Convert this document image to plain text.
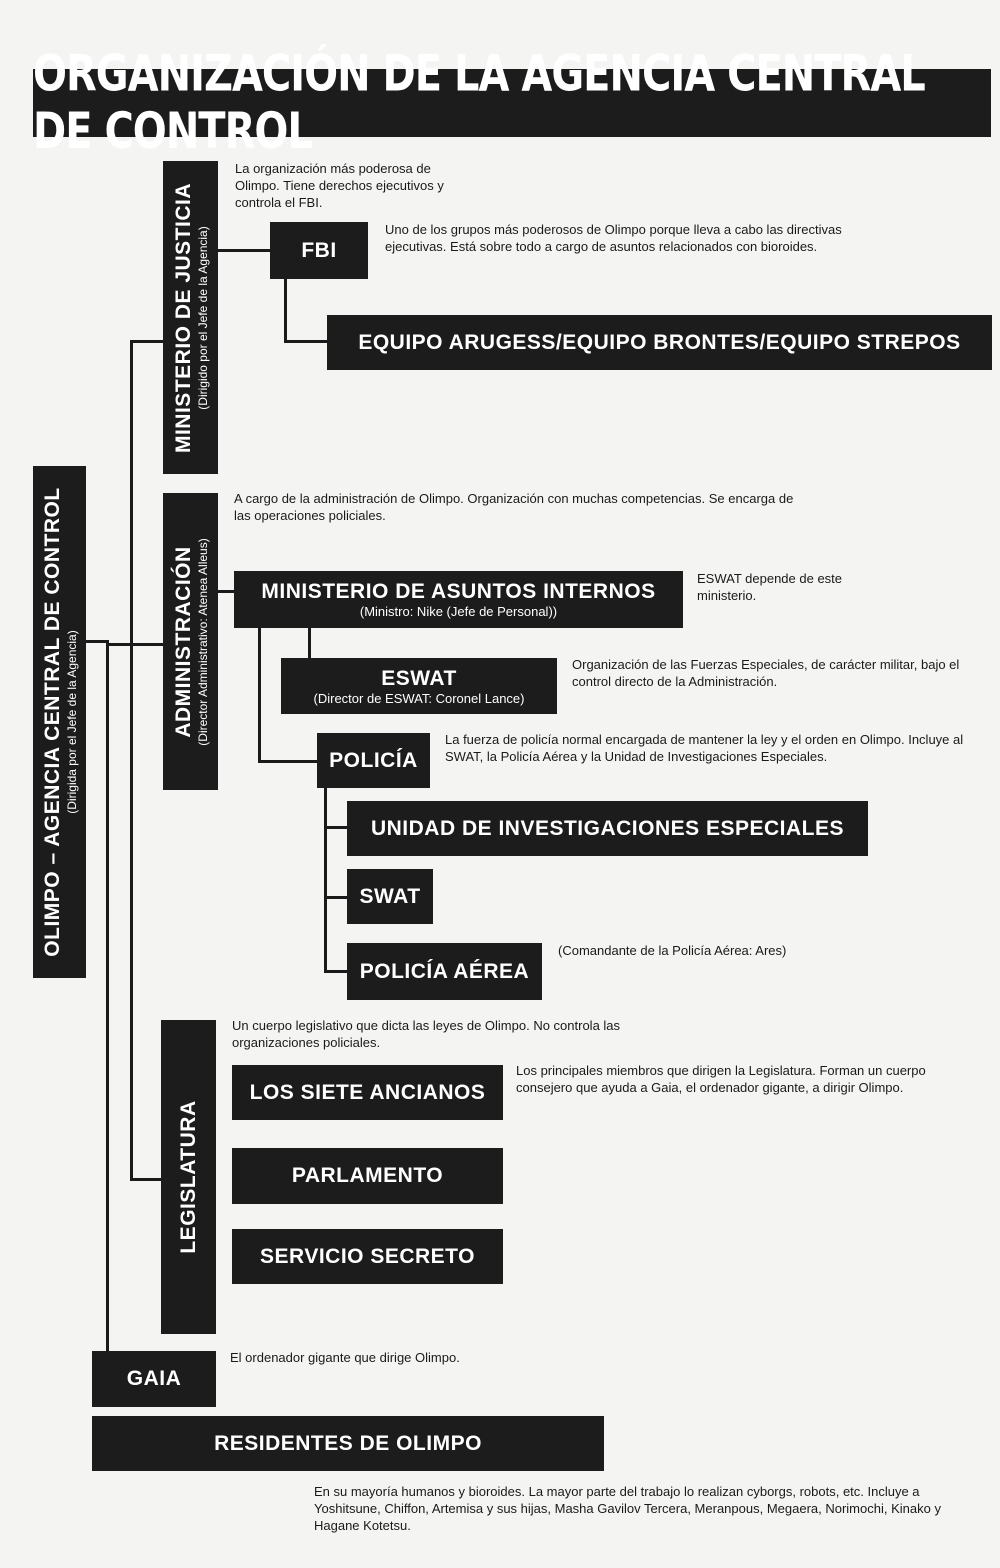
ORGANIZACIÓN DE LA AGENCIA CENTRAL DE CONTROL
OLIMPO – AGENCIA CENTRAL DE CONTROL (Dirigida por el Jefe de la Agencia)
MINISTERIO DE JUSTICIA (Dirigido por el Jefe de la Agencia)
ADMINISTRACIÓN (Director Administrativo: Atenea Alleus)
LEGISLATURA
La organización más poderosa de Olimpo. Tiene derechos ejecutivos y controla el FBI.
FBI
Uno de los grupos más poderosos de Olimpo porque lleva a cabo las directivas ejecutivas. Está sobre todo a cargo de asuntos relacionados con bioroides.
EQUIPO ARUGESS/EQUIPO BRONTES/EQUIPO STREPOS
A cargo de la administración de Olimpo. Organización con muchas competencias. Se encarga de las operaciones policiales.
MINISTERIO DE ASUNTOS INTERNOS
(Ministro: Nike (Jefe de Personal))
ESWAT depende de este ministerio.
ESWAT
(Director de ESWAT: Coronel Lance)
Organización de las Fuerzas Especiales, de carácter militar, bajo el control directo de la Administración.
POLICÍA
La fuerza de policía normal encargada de mantener la ley y el orden en Olimpo. Incluye al SWAT, la Policía Aérea y la Unidad de Investigaciones Especiales.
UNIDAD DE INVESTIGACIONES ESPECIALES
SWAT
POLICÍA AÉREA
(Comandante de la Policía Aérea: Ares)
Un cuerpo legislativo que dicta las leyes de Olimpo. No controla las organizaciones policiales.
LOS SIETE ANCIANOS
Los principales miembros que dirigen la Legislatura. Forman un cuerpo consejero que ayuda a Gaia, el ordenador gigante, a dirigir Olimpo.
PARLAMENTO
SERVICIO SECRETO
GAIA
El ordenador gigante que dirige Olimpo.
RESIDENTES DE OLIMPO
En su mayoría humanos y bioroides. La mayor parte del trabajo lo realizan cyborgs, robots, etc. Incluye a Yoshitsune, Chiffon, Artemisa y sus hijas, Masha Gavilov Tercera, Meranpous, Megaera, Norimochi, Kinako y Hagane Kotetsu.
